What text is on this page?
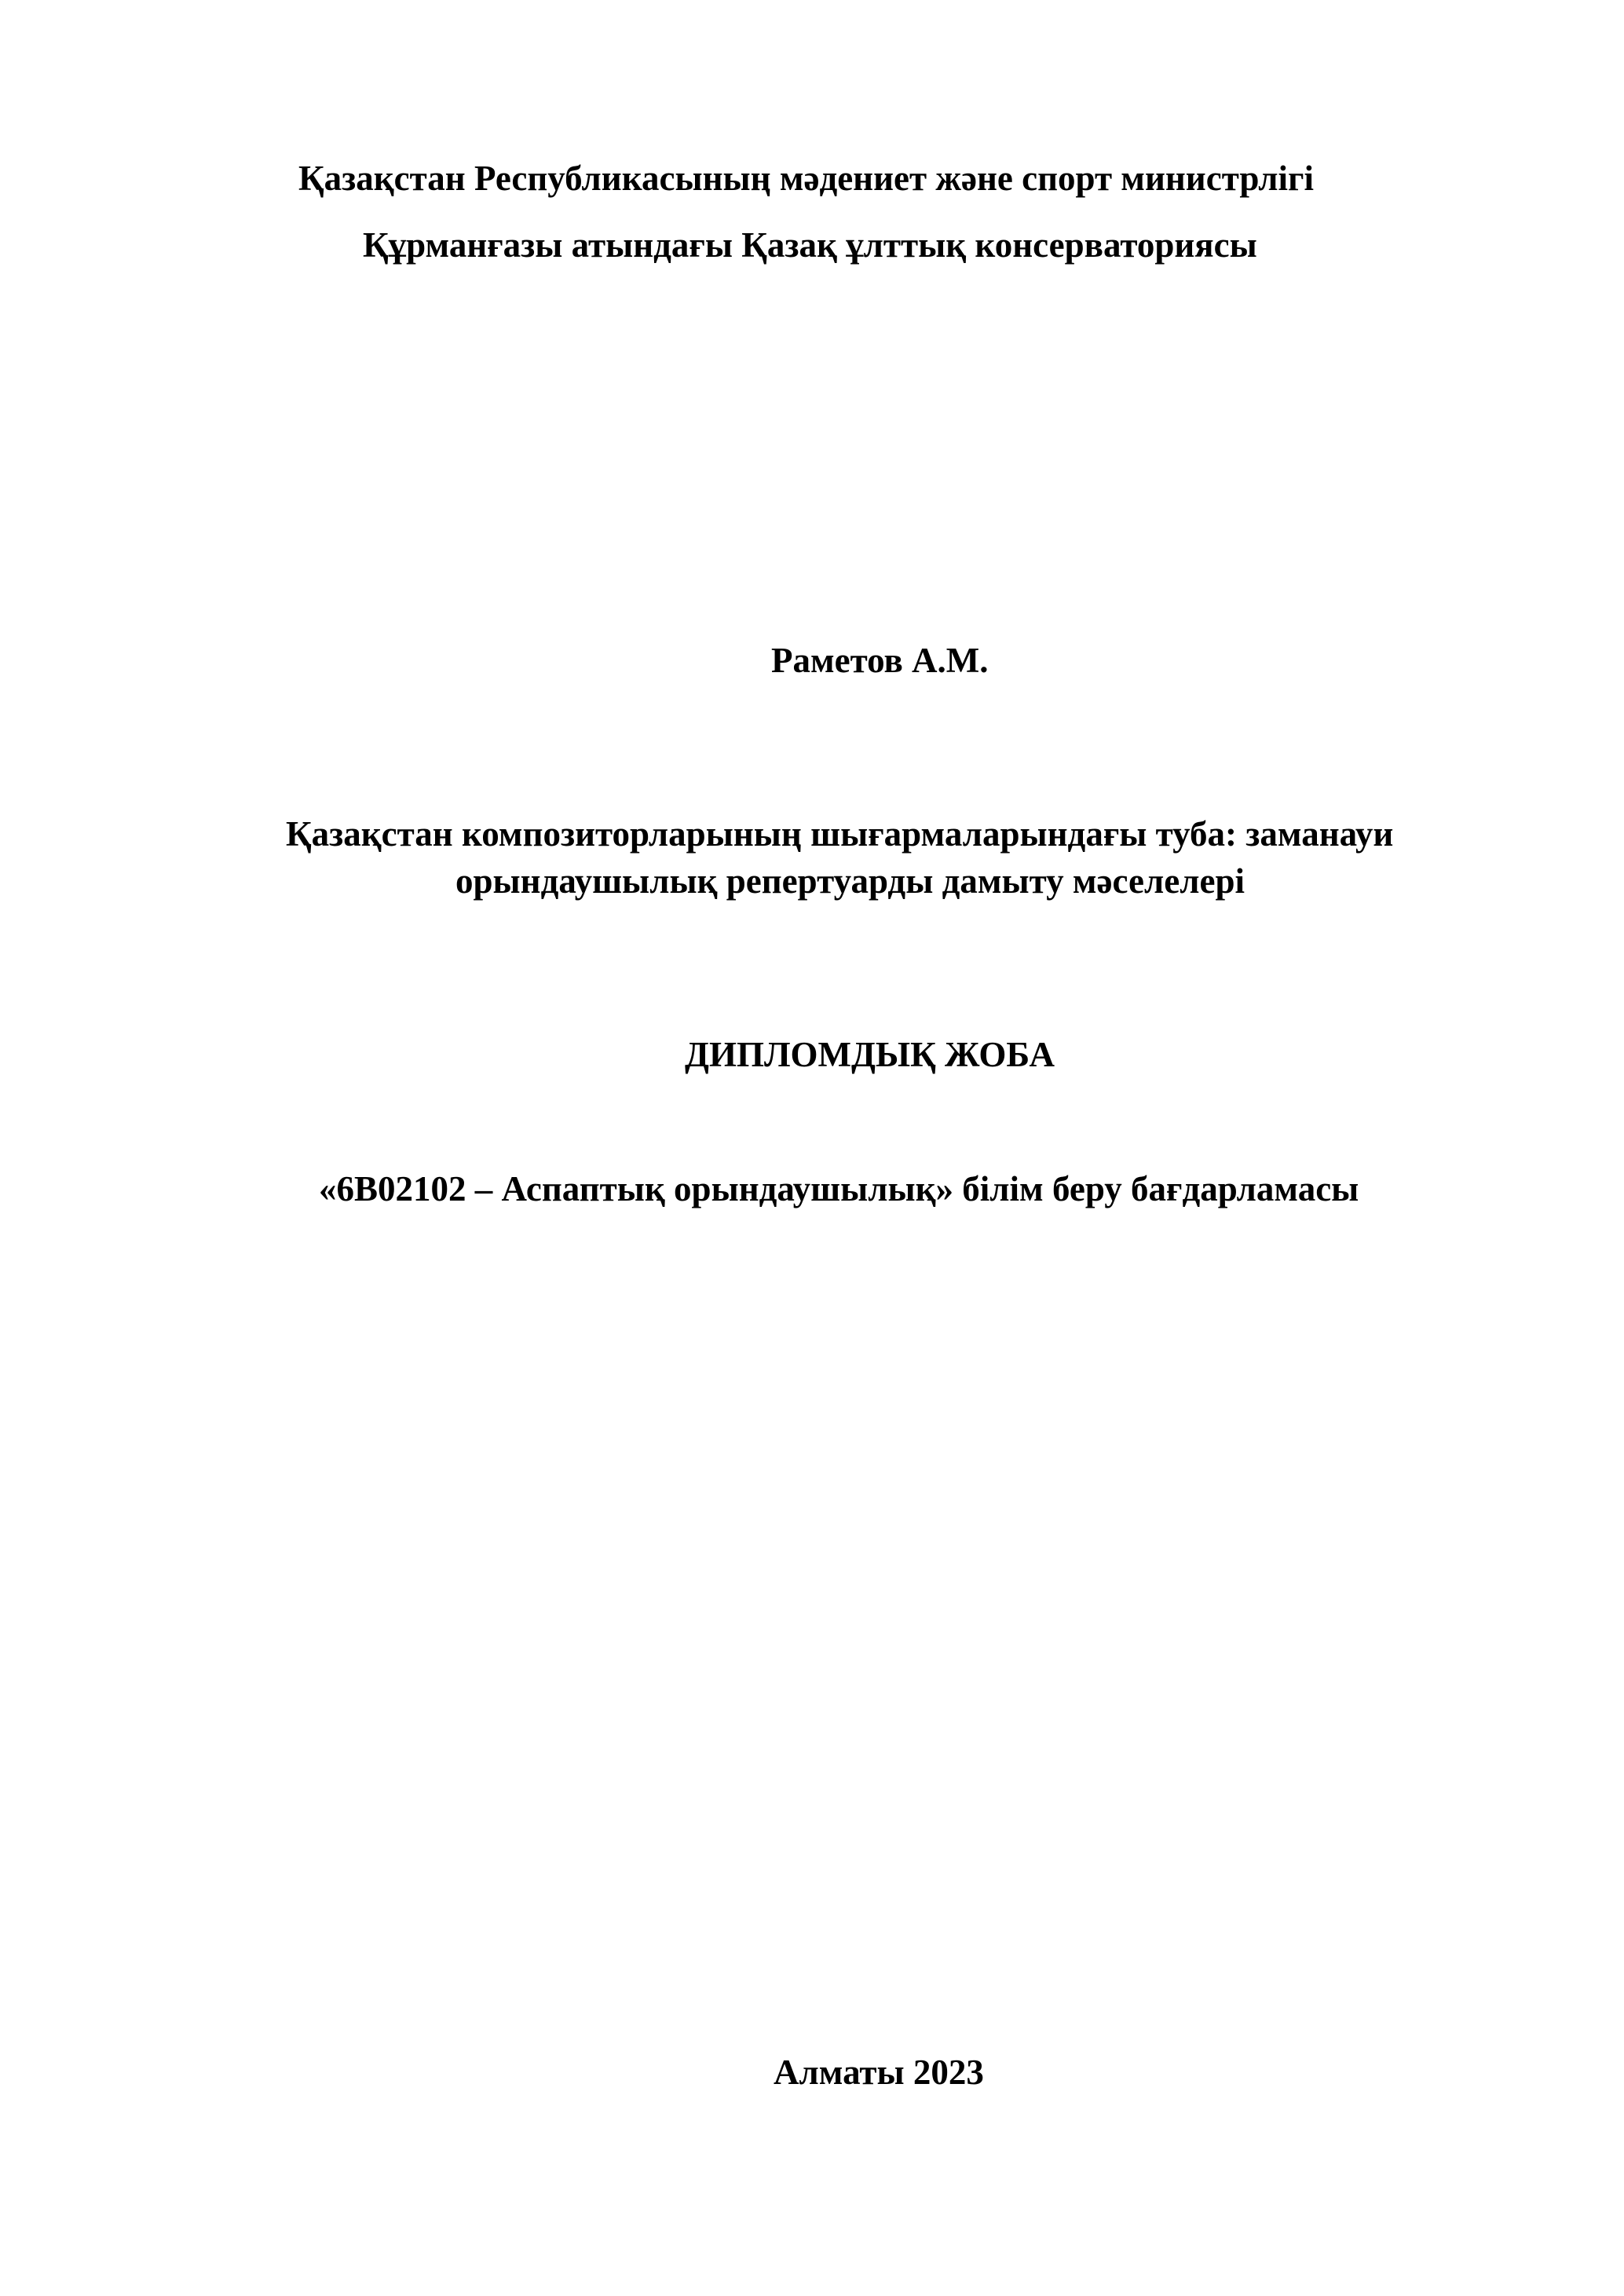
Қазақстан Республикасының мәдениет және спорт министрлігі
Құрманғазы атындағы Қазақ ұлттық консерваториясы
Раметов А.М.
Қазақстан композиторларының шығармаларындағы туба: заманауи
орындаушылық репертуарды дамыту мәселелері
ДИПЛОМДЫҚ ЖОБА
«6В02102 – Аспаптық орындаушылық» білім беру бағдарламасы
Алматы 2023
